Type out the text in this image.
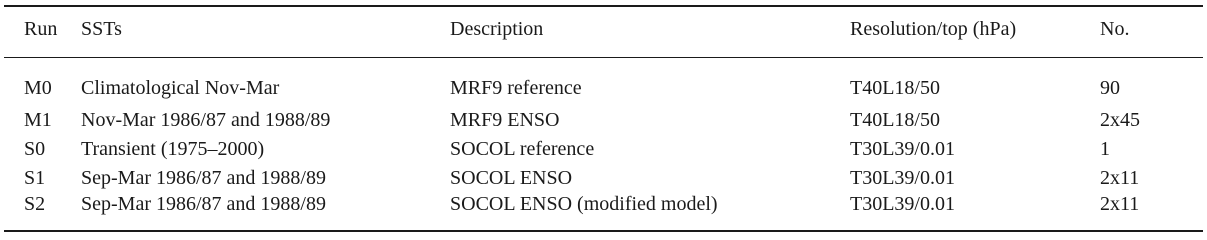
Run	SSTs	Description	Resolution/top (hPa)	No.
M0	Climatological Nov-Mar	MRF9 reference	T40L18/50	90
M1	Nov-Mar 1986/87 and 1988/89	MRF9 ENSO	T40L18/50	2x45
S0	Transient (1975–2000)	SOCOL reference	T30L39/0.01	1
S1	Sep-Mar 1986/87 and 1988/89	SOCOL ENSO	T30L39/0.01	2x11
S2	Sep-Mar 1986/87 and 1988/89	SOCOL ENSO (modified model)	T30L39/0.01	2x11
